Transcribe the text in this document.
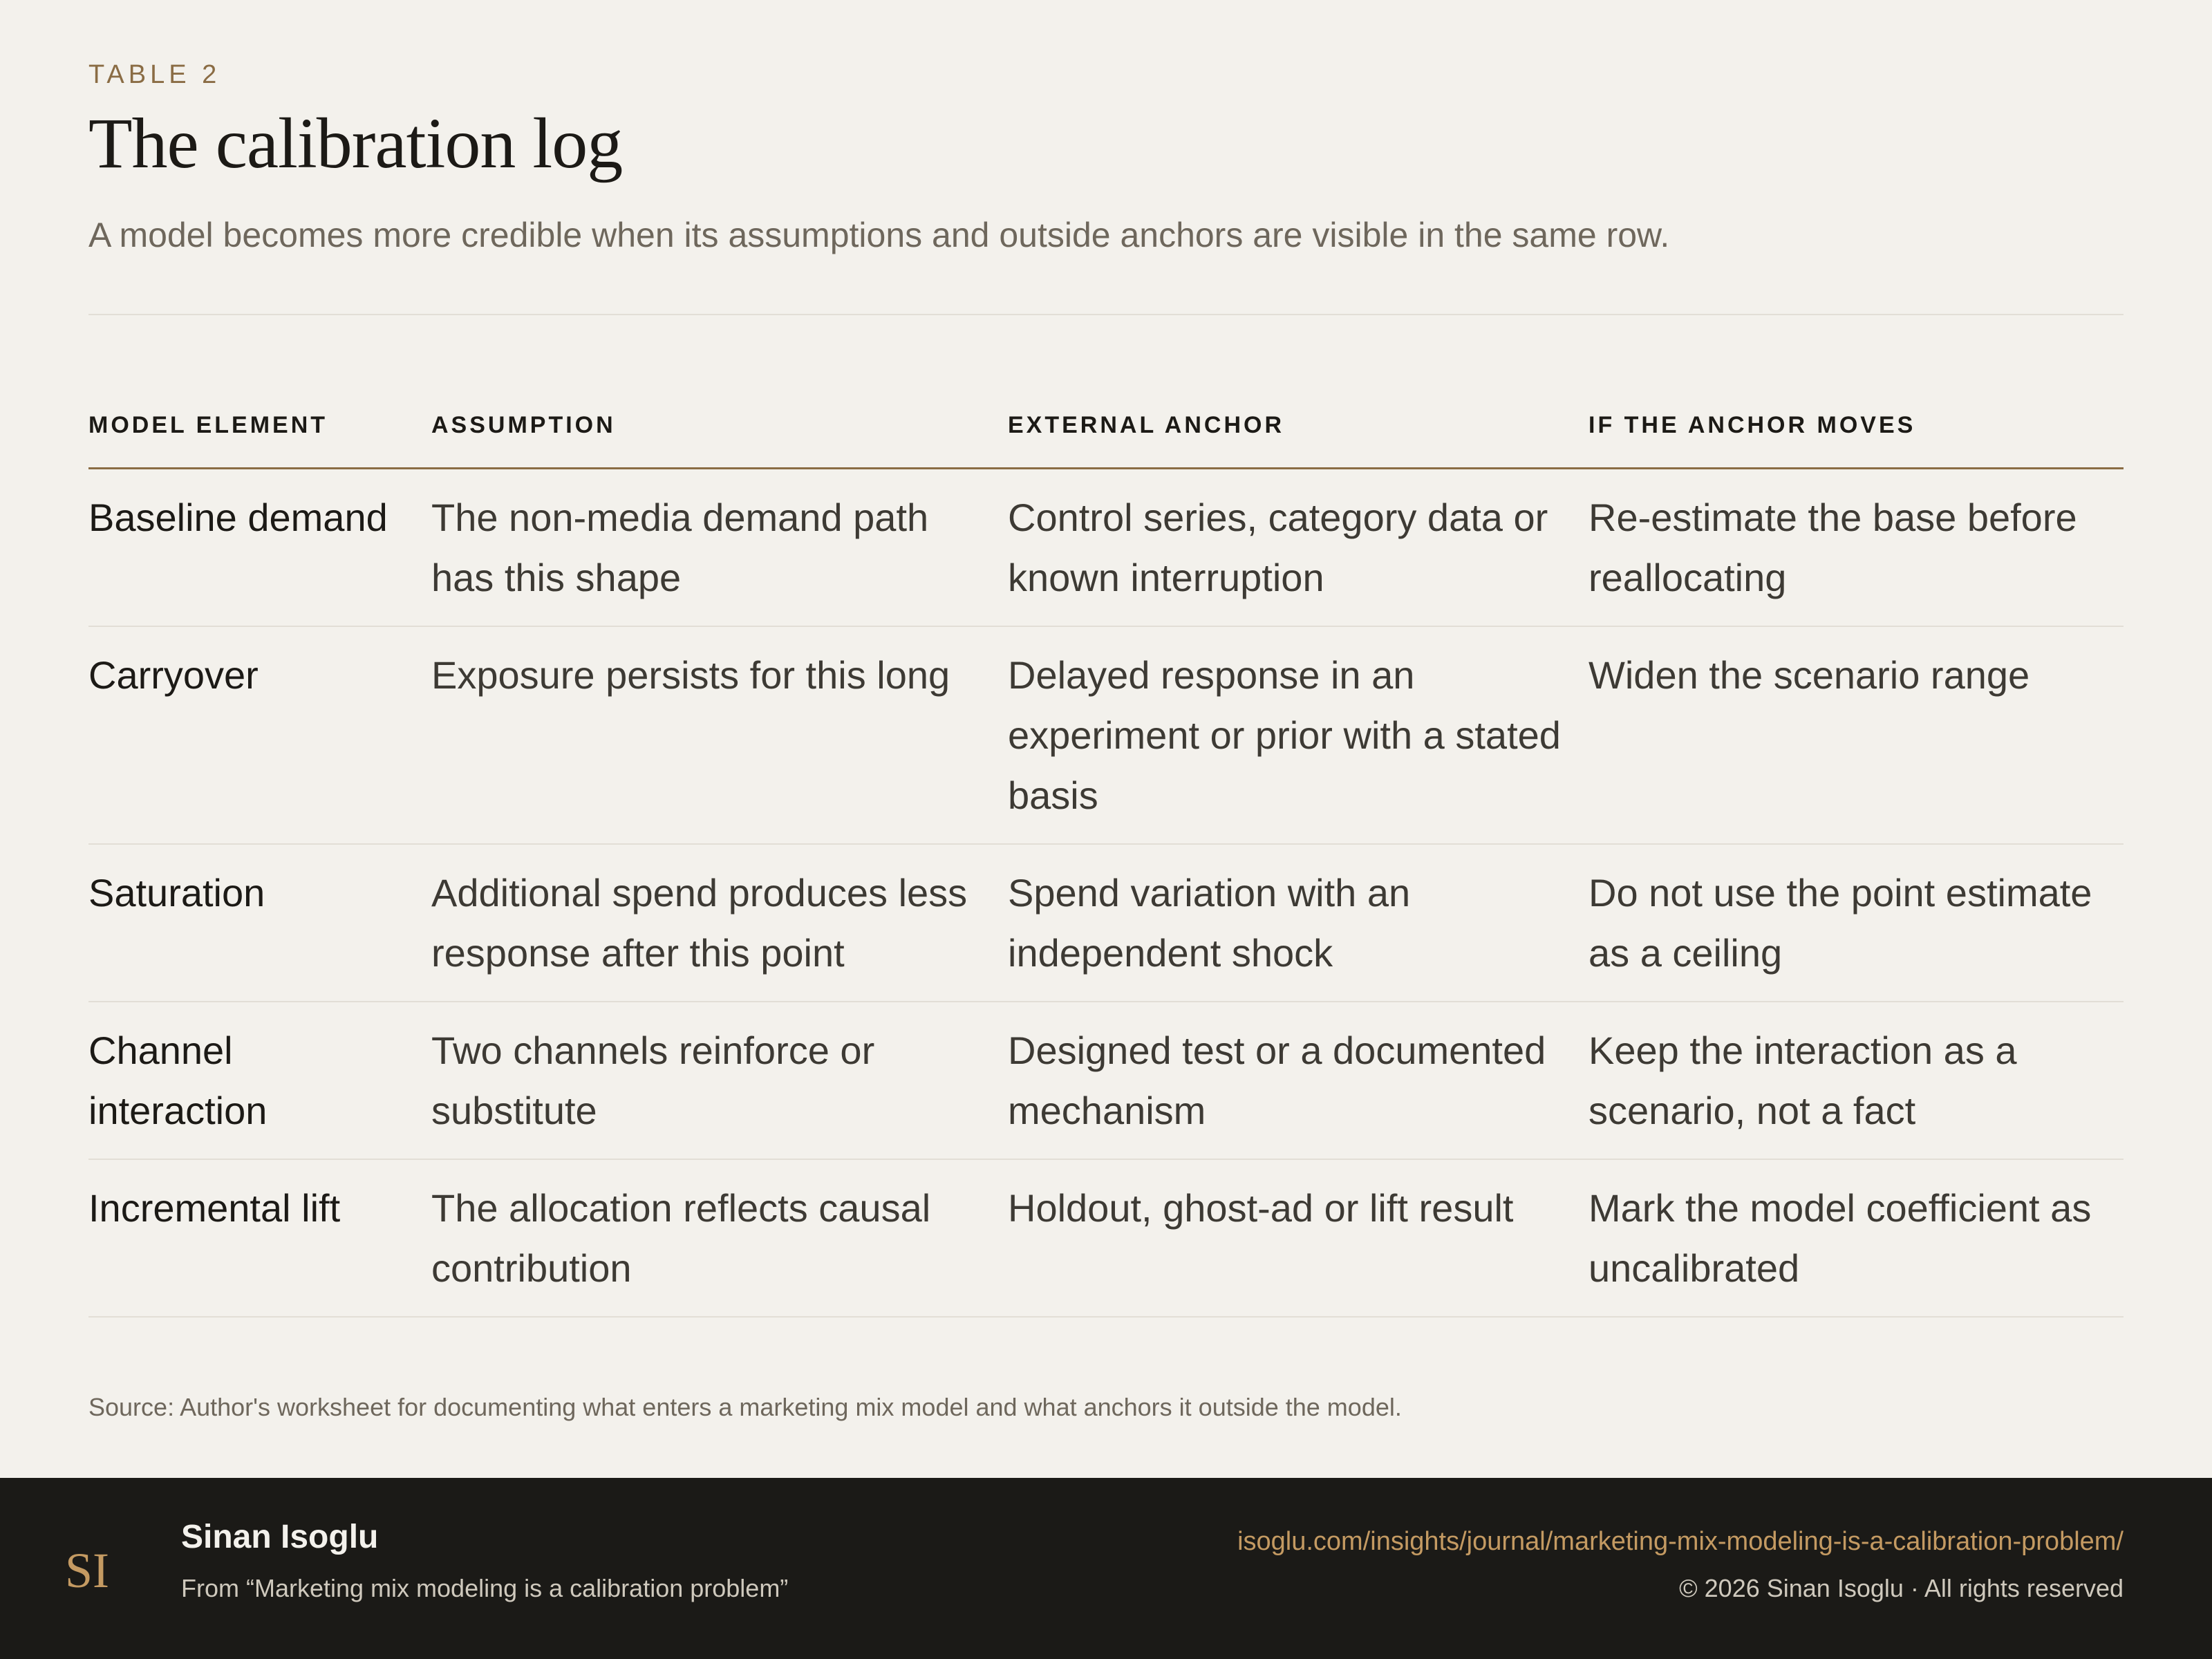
TABLE 2
The calibration log
A model becomes more credible when its assumptions and outside anchors are visible in the same row.
MODEL ELEMENT	ASSUMPTION	EXTERNAL ANCHOR	IF THE ANCHOR MOVES
Baseline demand	The non-media demand path has this shape	Control series, category data or known interruption	Re-estimate the base before reallocating
Carryover	Exposure persists for this long	Delayed response in an experiment or prior with a stated basis	Widen the scenario range
Saturation	Additional spend produces less response after this point	Spend variation with an independent shock	Do not use the point estimate as a ceiling
Channel interaction	Two channels reinforce or substitute	Designed test or a documented mechanism	Keep the interaction as a scenario, not a fact
Incremental lift	The allocation reflects causal contribution	Holdout, ghost-ad or lift result	Mark the model coefficient as uncalibrated
Source: Author's worksheet for documenting what enters a marketing mix model and what anchors it outside the model.
SI
Sinan Isoglu
From “Marketing mix modeling is a calibration problem”
isoglu.com/insights/journal/marketing-mix-modeling-is-a-calibration-problem/
© 2026 Sinan Isoglu · All rights reserved
